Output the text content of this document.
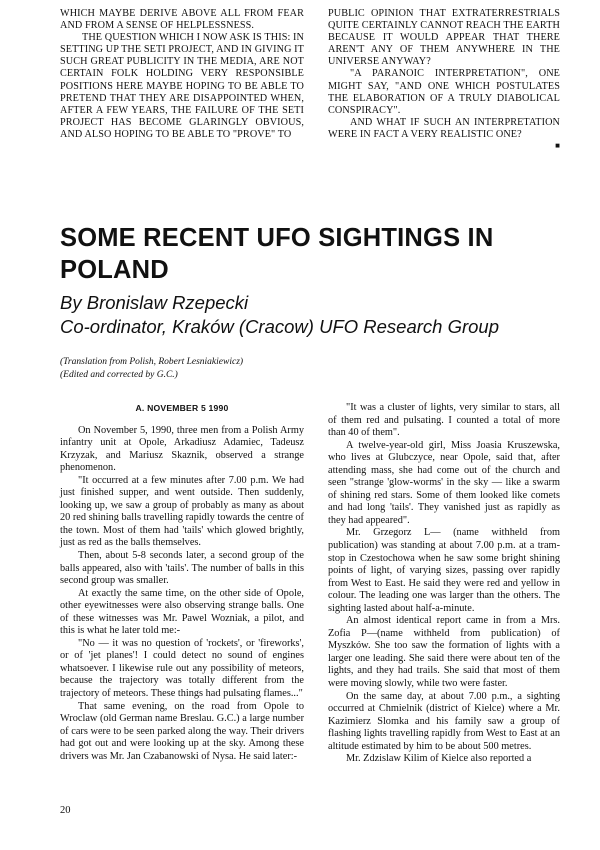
WHICH MAYBE DERIVE ABOVE ALL FROM FEAR AND FROM A SENSE OF HELPLESSNESS.

THE QUESTION WHICH I NOW ASK IS THIS: IN SETTING UP THE SETI PROJECT, AND IN GIVING IT SUCH GREAT PUBLICITY IN THE MEDIA, ARE NOT CERTAIN FOLK HOLDING VERY RESPONSIBLE POSITIONS HERE MAYBE HOPING TO BE ABLE TO PRETEND THAT THEY ARE DISAPPOINTED WHEN, AFTER A FEW YEARS, THE FAILURE OF THE SETI PROJECT HAS BECOME GLARINGLY OBVIOUS, AND ALSO HOPING TO BE ABLE TO "PROVE" TO

PUBLIC OPINION THAT EXTRATERRESTRIALS QUITE CERTAINLY CANNOT REACH THE EARTH BECAUSE IT WOULD APPEAR THAT THERE AREN'T ANY OF THEM ANYWHERE IN THE UNIVERSE ANYWAY?

"A PARANOIC INTERPRETATION", ONE MIGHT SAY, "AND ONE WHICH POSTULATES THE ELABORATION OF A TRULY DIABOLICAL CONSPIRACY".

AND WHAT IF SUCH AN INTERPRETATION WERE IN FACT A VERY REALISTIC ONE?

■
SOME RECENT UFO SIGHTINGS IN POLAND
By Bronislaw Rzepecki
Co-ordinator, Kraków (Cracow) UFO Research Group
(Translation from Polish, Robert Lesniakiewicz)
(Edited and corrected by G.C.)
A. NOVEMBER 5 1990

On November 5, 1990, three men from a Polish Army infantry unit at Opole, Arkadiusz Adamiec, Tadeusz Krzyzak, and Mariusz Skaznik, observed a strange phenomenon.

"It occurred at a few minutes after 7.00 p.m. We had just finished supper, and went outside. Then suddenly, looking up, we saw a group of probably as many as about 20 red shining balls travelling rapidly towards the centre of the town. Most of them had 'tails' which glowed brightly, just as red as the balls themselves.

Then, about 5-8 seconds later, a second group of the balls appeared, also with 'tails'. The number of balls in this second group was smaller.

At exactly the same time, on the other side of Opole, other eyewitnesses were also observing strange balls. One of these witnesses was Mr. Pawel Wozniak, a pilot, and this is what he later told me:-

"No — it was no question of 'rockets', or 'fireworks', or of 'jet planes'! I could detect no sound of engines whatsoever. I likewise rule out any possibility of meteors, because the trajectory was totally different from the trajectory of meteors. These things had pulsating flames..."

That same evening, on the road from Opole to Wroclaw (old German name Breslau. G.C.) a large number of cars were to be seen parked along the way. Their drivers had got out and were looking up at the sky. Among these drivers was Mr. Jan Czabanowski of Nysa. He said later:-

"It was a cluster of lights, very similar to stars, all of them red and pulsating. I counted a total of more than 40 of them".

A twelve-year-old girl, Miss Joasia Kruszewska, who lives at Glubczyce, near Opole, said that, after attending mass, she had come out of the church and seen "strange 'glow-worms' in the sky — like a swarm of shining red stars. Some of them looked like comets and had long 'tails'. They vanished just as rapidly as they had appeared".

Mr. Grzegorz L— (name withheld from publication) was standing at about 7.00 p.m. at a tram-stop in Czestochowa when he saw some bright shining points of light, of varying sizes, passing over rapidly from West to East. He said they were red and yellow in colour. The leading one was larger than the others. The sighting lasted about half-a-minute.

An almost identical report came in from a Mrs. Zofia P—(name withheld from publication) of Myszków. She too saw the formation of lights with a larger one leading. She said there were about ten of the lights, and they had trails. She said that most of them were moving slowly, while two were faster.

On the same day, at about 7.00 p.m., a sighting occurred at Chmielnik (district of Kielce) where a Mr. Kazimierz Slomka and his family saw a group of flashing lights travelling rapidly from West to East at an altitude estimated by him to be about 500 metres.

Mr. Zdzislaw Kilim of Kielce also reported a

20
